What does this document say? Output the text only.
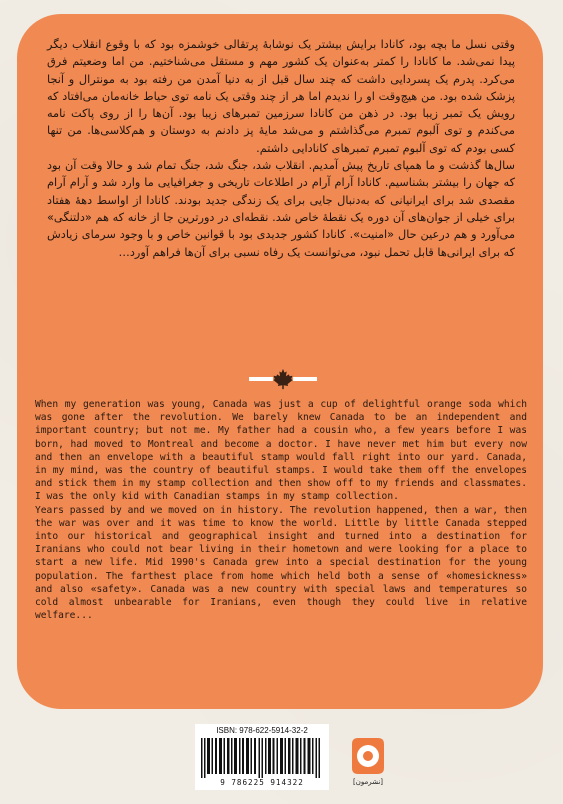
وقتی نسل ما بچه بود، کانادا برایش بیشتر یک نوشابهٔ پرتقالی خوشمزه بود که با وقوع انقلاب دیگر پیدا نمی‌شد. ما کانادا را کمتر به‌عنوان یک کشور مهم و مستقل می‌شناختیم. من اما وضعیتم فرق می‌کرد. پدرم یک پسردایی داشت که چند سال قبل از به دنیا آمدن من رفته بود به مونترال و آنجا پزشک شده بود. من هیچ‌وقت او را ندیدم اما هر از چند وقتی یک نامه توی حیاط خانه‌مان می‌افتاد که رویش یک تمبر زیبا بود. در ذهن من کانادا سرزمین تمبرهای زیبا بود. آن‌ها را از روی پاکت نامه می‌کندم و توی آلبوم تمبرم می‌گذاشتم و می‌شد مایهٔ پز دادنم به دوستان و هم‌کلاسی‌ها. من تنها کسی بودم که توی آلبوم تمبرم تمبرهای کانادایی داشتم.
سال‌ها گذشت و ما همپای تاریخ پیش آمدیم. انقلاب شد، جنگ شد، جنگ تمام شد و حالا وقت آن بود که جهان را بیشتر بشناسیم. کانادا آرام آرام در اطلاعات تاریخی و جغرافیایی ما وارد شد و آرام آرام مقصدی شد برای ایرانیانی که به‌دنبال جایی برای یک زندگی جدید بودند. کانادا از اواسط دههٔ هفتاد برای خیلی از جوان‌های آن دوره یک نقطهٔ خاص شد. نقطه‌ای در دورترین جا از خانه که هم «دلتنگی» می‌آورد و هم درعین حال «امنیت». کانادا کشور جدیدی بود با قوانین خاص و با وجود سرمای زیادش که برای ایرانی‌ها قابل تحمل نبود، می‌توانست یک رفاه نسبی برای آن‌ها فراهم آورد…

When my generation was young, Canada was just a cup of delightful orange soda which was gone after the revolution. We barely knew Canada to be an independent and important country; but not me. My father had a cousin who, a few years before I was born, had moved to Montreal and become a doctor. I have never met him but every now and then an envelope with a beautiful stamp would fall right into our yard. Canada, in my mind, was the country of beautiful stamps. I would take them off the envelopes and stick them in my stamp collection and then show off to my friends and classmates. I was the only kid with Canadian stamps in my stamp collection.

Years passed by and we moved on in history. The revolution happened, then a war, then the war was over and it was time to know the world. Little by little Canada stepped into our historical and geographical insight and turned into a destination for Iranians who could not bear living in their hometown and were looking for a place to start a new life. Mid 1990's Canada grew into a special destination for the young population. The farthest place from home which held both a sense of «homesickness» and also «safety». Canada was a new country with special laws and temperatures so cold almost unbearable for Iranians, even though they could live in relative welfare...

ISBN: 978-622-5914-32-2
9 786225 914322	[نشرمون]
